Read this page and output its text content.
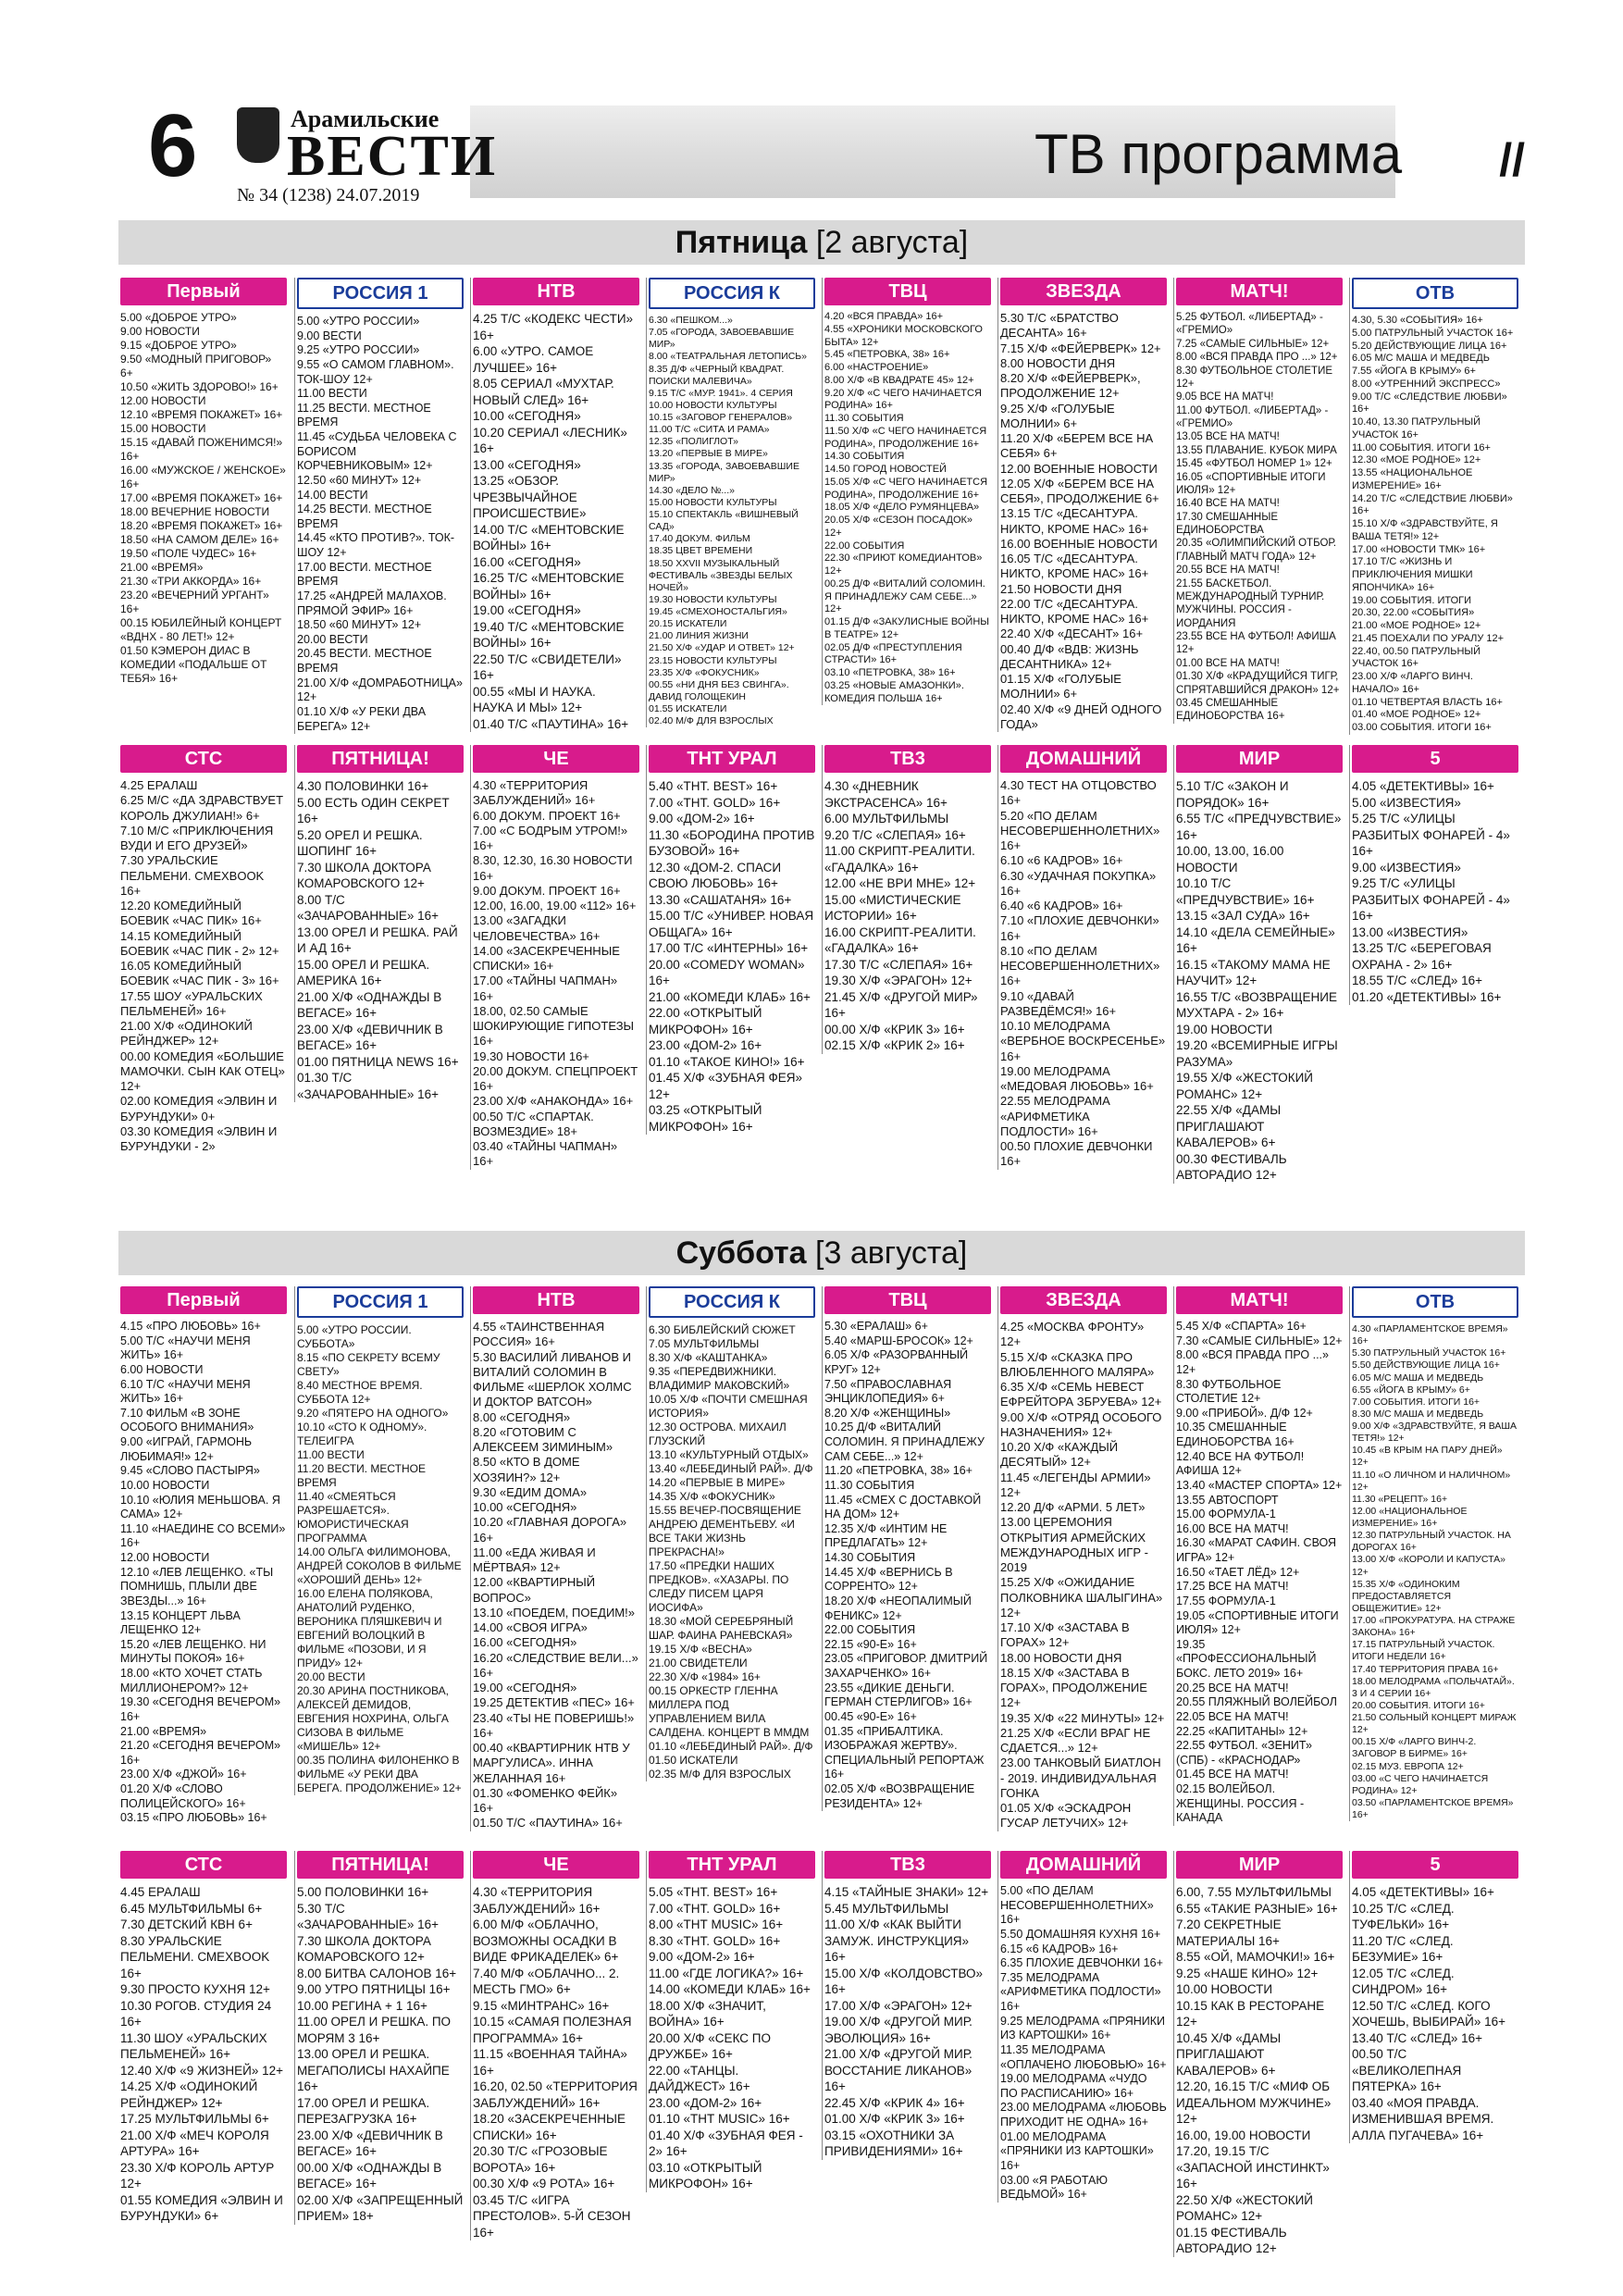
6	Арамильские
ВЕСТИ
№ 34 (1238) 24.07.2019
ТВ программа //
Пятница [2 августа]
Первый
5.00 «ДОБРОЕ УТРО»
9.00 НОВОСТИ
9.15 «ДОБРОЕ УТРО»
9.50 «МОДНЫЙ ПРИГОВОР» 6+
10.50 «ЖИТЬ ЗДОРОВО!» 16+
12.00 НОВОСТИ
12.10 «ВРЕМЯ ПОКАЖЕТ» 16+
15.00 НОВОСТИ
15.15 «ДАВАЙ ПОЖЕНИМСЯ!» 16+
16.00 «МУЖСКОЕ / ЖЕНСКОЕ» 16+
17.00 «ВРЕМЯ ПОКАЖЕТ» 16+
18.00 ВЕЧЕРНИЕ НОВОСТИ
18.20 «ВРЕМЯ ПОКАЖЕТ» 16+
18.50 «НА САМОМ ДЕЛЕ» 16+
19.50 «ПОЛЕ ЧУДЕС» 16+
21.00 «ВРЕМЯ»
21.30 «ТРИ АККОРДА» 16+
23.20 «ВЕЧЕРНИЙ УРГАНТ» 16+
00.15 ЮБИЛЕЙНЫЙ КОНЦЕРТ «ВДНХ - 80 ЛЕТ!» 12+
01.50 КЭМЕРОН ДИАС В КОМЕДИИ «ПОДАЛЬШЕ ОТ ТЕБЯ» 16+
РОССИЯ 1
5.00 «УТРО РОССИИ»
9.00 ВЕСТИ
9.25 «УТРО РОССИИ»
9.55 «О САМОМ ГЛАВНОМ». ТОК-ШОУ 12+
11.00 ВЕСТИ
11.25 ВЕСТИ. МЕСТНОЕ ВРЕМЯ
11.45 «СУДЬБА ЧЕЛОВЕКА С БОРИСОМ КОРЧЕВНИКОВЫМ» 12+
12.50 «60 МИНУТ» 12+
14.00 ВЕСТИ
14.25 ВЕСТИ. МЕСТНОЕ ВРЕМЯ
14.45 «КТО ПРОТИВ?». ТОК-ШОУ 12+
17.00 ВЕСТИ. МЕСТНОЕ ВРЕМЯ
17.25 «АНДРЕЙ МАЛАХОВ. ПРЯМОЙ ЭФИР» 16+
18.50 «60 МИНУТ» 12+
20.00 ВЕСТИ
20.45 ВЕСТИ. МЕСТНОЕ ВРЕМЯ
21.00 Х/Ф «ДОМРАБОТНИЦА» 12+
01.10 Х/Ф «У РЕКИ ДВА БЕРЕГА» 12+
НТВ
4.25 Т/С «КОДЕКС ЧЕСТИ» 16+
6.00 «УТРО. САМОЕ ЛУЧШЕЕ» 16+
8.05 СЕРИАЛ «МУХТАР. НОВЫЙ СЛЕД» 16+
10.00 «СЕГОДНЯ»
10.20 СЕРИАЛ «ЛЕСНИК» 16+
13.00 «СЕГОДНЯ»
13.25 «ОБЗОР. ЧРЕЗВЫЧАЙНОЕ ПРОИСШЕСТВИЕ»
14.00 Т/С «МЕНТОВСКИЕ ВОЙНЫ» 16+
16.00 «СЕГОДНЯ»
16.25 Т/С «МЕНТОВСКИЕ ВОЙНЫ» 16+
19.00 «СЕГОДНЯ»
19.40 Т/С «МЕНТОВСКИЕ ВОЙНЫ» 16+
22.50 Т/С «СВИДЕТЕЛИ» 16+
00.55 «МЫ И НАУКА. НАУКА И МЫ» 12+
01.40 Т/С «ПАУТИНА» 16+
РОССИЯ К
6.30 «ПЕШКОМ...»
7.05 «ГОРОДА, ЗАВОЕВАВШИЕ МИР»
8.00 «ТЕАТРАЛЬНАЯ ЛЕТОПИСЬ»
8.35 Д/Ф «ЧЕРНЫЙ КВАДРАТ. ПОИСКИ МАЛЕВИЧА»
9.15 Т/С «МУР. 1941». 4 СЕРИЯ
10.00 НОВОСТИ КУЛЬТУРЫ
10.15 «ЗАГОВОР ГЕНЕРАЛОВ»
11.00 Т/С «СИТА И РАМА»
12.35 «ПОЛИГЛОТ»
13.20 «ПЕРВЫЕ В МИРЕ»
13.35 «ГОРОДА, ЗАВОЕВАВШИЕ МИР»
14.30 «ДЕЛО №...»
15.00 НОВОСТИ КУЛЬТУРЫ
15.10 СПЕКТАКЛЬ «ВИШНЕВЫЙ САД»
17.40 ДОКУМ. ФИЛЬМ
18.35 ЦВЕТ ВРЕМЕНИ
18.50 XXVII МУЗЫКАЛЬНЫЙ ФЕСТИВАЛЬ «ЗВЕЗДЫ БЕЛЫХ НОЧЕЙ»
19.30 НОВОСТИ КУЛЬТУРЫ
19.45 «СМЕХОНОСТАЛЬГИЯ»
20.15 ИСКАТЕЛИ
21.00 ЛИНИЯ ЖИЗНИ
21.50 Х/Ф «УДАР И ОТВЕТ» 12+
23.15 НОВОСТИ КУЛЬТУРЫ
23.35 Х/Ф «ФОКУСНИК»
00.55 «НИ ДНЯ БЕЗ СВИНГА». ДАВИД ГОЛОЩЕКИН
01.55 ИСКАТЕЛИ
02.40 М/Ф ДЛЯ ВЗРОСЛЫХ
ТВЦ
4.20 «ВСЯ ПРАВДА» 16+
4.55 «ХРОНИКИ МОСКОВСКОГО БЫТА» 12+
5.45 «ПЕТРОВКА, 38» 16+
6.00 «НАСТРОЕНИЕ»
8.00 Х/Ф «В КВАДРАТЕ 45» 12+
9.20 Х/Ф «С ЧЕГО НАЧИНАЕТСЯ РОДИНА» 16+
11.30 СОБЫТИЯ
11.50 Х/Ф «С ЧЕГО НАЧИНАЕТСЯ РОДИНА», ПРОДОЛЖЕНИЕ 16+
14.30 СОБЫТИЯ
14.50 ГОРОД НОВОСТЕЙ
15.05 Х/Ф «С ЧЕГО НАЧИНАЕТСЯ РОДИНА», ПРОДОЛЖЕНИЕ 16+
18.05 Х/Ф «ДЕЛО РУМЯНЦЕВА»
20.05 Х/Ф «СЕЗОН ПОСАДОК» 12+
22.00 СОБЫТИЯ
22.30 «ПРИЮТ КОМЕДИАНТОВ» 12+
00.25 Д/Ф «ВИТАЛИЙ СОЛОМИН. Я ПРИНАДЛЕЖУ САМ СЕБЕ...» 12+
01.15 Д/Ф «ЗАКУЛИСНЫЕ ВОЙНЫ В ТЕАТРЕ» 12+
02.05 Д/Ф «ПРЕСТУПЛЕНИЯ СТРАСТИ» 16+
03.10 «ПЕТРОВКА, 38» 16+
03.25 «НОВЫЕ АМАЗОНКИ». КОМЕДИЯ ПОЛЬША 16+
ЗВЕЗДА
5.30 Т/С «БРАТСТВО ДЕСАНТА» 16+
7.15 Х/Ф «ФЕЙЕРВЕРК» 12+
8.00 НОВОСТИ ДНЯ
8.20 Х/Ф «ФЕЙЕРВЕРК», ПРОДОЛЖЕНИЕ 12+
9.25 Х/Ф «ГОЛУБЫЕ МОЛНИИ» 6+
11.20 Х/Ф «БЕРЕМ ВСЕ НА СЕБЯ» 6+
12.00 ВОЕННЫЕ НОВОСТИ
12.05 Х/Ф «БЕРЕМ ВСЕ НА СЕБЯ», ПРОДОЛЖЕНИЕ 6+
13.15 Т/С «ДЕСАНТУРА. НИКТО, КРОМЕ НАС» 16+
16.00 ВОЕННЫЕ НОВОСТИ
16.05 Т/С «ДЕСАНТУРА. НИКТО, КРОМЕ НАС» 16+
21.50 НОВОСТИ ДНЯ
22.00 Т/С «ДЕСАНТУРА. НИКТО, КРОМЕ НАС» 16+
22.40 Х/Ф «ДЕСАНТ» 16+
00.40 Д/Ф «ВДВ: ЖИЗНЬ ДЕСАНТНИКА» 12+
01.15 Х/Ф «ГОЛУБЫЕ МОЛНИИ» 6+
02.40 Х/Ф «9 ДНЕЙ ОДНОГО ГОДА»
МАТЧ!
5.25 ФУТБОЛ. «ЛИБЕРТАД» - «ГРЕМИО»
7.25 «САМЫЕ СИЛЬНЫЕ» 12+
8.00 «ВСЯ ПРАВДА ПРО ...» 12+
8.30 ФУТБОЛЬНОЕ СТОЛЕТИЕ 12+
9.05 ВСЕ НА МАТЧ!
11.00 ФУТБОЛ. «ЛИБЕРТАД» - «ГРЕМИО»
13.05 ВСЕ НА МАТЧ!
13.55 ПЛАВАНИЕ. КУБОК МИРА
15.45 «ФУТБОЛ НОМЕР 1» 12+
16.05 «СПОРТИВНЫЕ ИТОГИ ИЮЛЯ» 12+
16.40 ВСЕ НА МАТЧ!
17.30 СМЕШАННЫЕ ЕДИНОБОРСТВА
20.35 «ОЛИМПИЙСКИЙ ОТБОР. ГЛАВНЫЙ МАТЧ ГОДА» 12+
20.55 ВСЕ НА МАТЧ!
21.55 БАСКЕТБОЛ. МЕЖДУНАРОДНЫЙ ТУРНИР. МУЖЧИНЫ. РОССИЯ - ИОРДАНИЯ
23.55 ВСЕ НА ФУТБОЛ! АФИША 12+
01.00 ВСЕ НА МАТЧ!
01.30 Х/Ф «КРАДУЩИЙСЯ ТИГР, СПРЯТАВШИЙСЯ ДРАКОН» 12+
03.45 СМЕШАННЫЕ ЕДИНОБОРСТВА 16+
ОТВ
4.30, 5.30 «СОБЫТИЯ» 16+
5.00 ПАТРУЛЬНЫЙ УЧАСТОК 16+
5.20 ДЕЙСТВУЮЩИЕ ЛИЦА 16+
6.05 М/С МАША И МЕДВЕДЬ
7.55 «ЙОГА В КРЫМУ» 6+
8.00 «УТРЕННИЙ ЭКСПРЕСС»
9.00 Т/С «СЛЕДСТВИЕ ЛЮБВИ» 16+
10.40, 13.30 ПАТРУЛЬНЫЙ УЧАСТОК 16+
11.00 СОБЫТИЯ. ИТОГИ 16+
12.30 «МОЕ РОДНОЕ» 12+
13.55 «НАЦИОНАЛЬНОЕ ИЗМЕРЕНИЕ» 16+
14.20 Т/С «СЛЕДСТВИЕ ЛЮБВИ» 16+
15.10 Х/Ф «ЗДРАВСТВУЙТЕ, Я ВАША ТЕТЯ!» 12+
17.00 «НОВОСТИ ТМК» 16+
17.10 Т/С «ЖИЗНЬ И ПРИКЛЮЧЕНИЯ МИШКИ ЯПОНЧИКА» 16+
19.00 СОБЫТИЯ. ИТОГИ
20.30, 22.00 «СОБЫТИЯ»
21.00 «МОЕ РОДНОЕ» 12+
21.45 ПОЕХАЛИ ПО УРАЛУ 12+
22.40, 00.50 ПАТРУЛЬНЫЙ УЧАСТОК 16+
23.00 Х/Ф «ЛАРГО ВИНЧ. НАЧАЛО» 16+
01.10 ЧЕТВЕРТАЯ ВЛАСТЬ 16+
01.40 «МОЕ РОДНОЕ» 12+
03.00 СОБЫТИЯ. ИТОГИ 16+
СТС
4.25 ЕРАЛАШ
6.25 М/С «ДА ЗДРАВСТВУЕТ КОРОЛЬ ДЖУЛИАН!» 6+
7.10 М/С «ПРИКЛЮЧЕНИЯ ВУДИ И ЕГО ДРУЗЕЙ»
7.30 УРАЛЬСКИЕ ПЕЛЬМЕНИ. СМЕХBOOK 16+
12.20 КОМЕДИЙНЫЙ БОЕВИК «ЧАС ПИК» 16+
14.15 КОМЕДИЙНЫЙ БОЕВИК «ЧАС ПИК - 2» 12+
16.05 КОМЕДИЙНЫЙ БОЕВИК «ЧАС ПИК - 3» 16+
17.55 ШОУ «УРАЛЬСКИХ ПЕЛЬМЕНЕЙ» 16+
21.00 Х/Ф «ОДИНОКИЙ РЕЙНДЖЕР» 12+
00.00 КОМЕДИЯ «БОЛЬШИЕ МАМОЧКИ. СЫН КАК ОТЕЦ» 12+
02.00 КОМЕДИЯ «ЭЛВИН И БУРУНДУКИ» 0+
03.30 КОМЕДИЯ «ЭЛВИН И БУРУНДУКИ - 2»
ПЯТНИЦА!
4.30 ПОЛОВИНКИ 16+
5.00 ЕСТЬ ОДИН СЕКРЕТ 16+
5.20 ОРЕЛ И РЕШКА. ШОПИНГ 16+
7.30 ШКОЛА ДОКТОРА КОМАРОВСКОГО 12+
8.00 Т/С «ЗАЧАРОВАННЫЕ» 16+
13.00 ОРЕЛ И РЕШКА. РАЙ И АД 16+
15.00 ОРЕЛ И РЕШКА. АМЕРИКА 16+
21.00 Х/Ф «ОДНАЖДЫ В ВЕГАСЕ» 16+
23.00 Х/Ф «ДЕВИЧНИК В ВЕГАСЕ» 16+
01.00 ПЯТНИЦА NEWS 16+
01.30 Т/С «ЗАЧАРОВАННЫЕ» 16+
ЧЕ
4.30 «ТЕРРИТОРИЯ ЗАБЛУЖДЕНИЙ» 16+
6.00 ДОКУМ. ПРОЕКТ 16+
7.00 «С БОДРЫМ УТРОМ!» 16+
8.30, 12.30, 16.30 НОВОСТИ 16+
9.00 ДОКУМ. ПРОЕКТ 16+
12.00, 16.00, 19.00 «112» 16+
13.00 «ЗАГАДКИ ЧЕЛОВЕЧЕСТВА» 16+
14.00 «ЗАСЕКРЕЧЕННЫЕ СПИСКИ» 16+
17.00 «ТАЙНЫ ЧАПМАН» 16+
18.00, 02.50 САМЫЕ ШОКИРУЮЩИЕ ГИПОТЕЗЫ 16+
19.30 НОВОСТИ 16+
20.00 ДОКУМ. СПЕЦПРОЕКТ 16+
23.00 Х/Ф «АНАКОНДА» 16+
00.50 Т/С «СПАРТАК. ВОЗМЕЗДИЕ» 18+
03.40 «ТАЙНЫ ЧАПМАН» 16+
ТНТ УРАЛ
5.40 «ТНТ. BEST» 16+
7.00 «ТНТ. GOLD» 16+
9.00 «ДОМ-2» 16+
11.30 «БОРОДИНА ПРОТИВ БУЗОВОЙ» 16+
12.30 «ДОМ-2. СПАСИ СВОЮ ЛЮБОВЬ» 16+
13.30 «САШАТАНЯ» 16+
15.00 Т/С «УНИВЕР. НОВАЯ ОБЩАГА» 16+
17.00 Т/С «ИНТЕРНЫ» 16+
20.00 «COMEDY WOMAN» 16+
21.00 «КОМЕДИ КЛАБ» 16+
22.00 «ОТКРЫТЫЙ МИКРОФОН» 16+
23.00 «ДОМ-2» 16+
01.10 «ТАКОЕ КИНО!» 16+
01.45 Х/Ф «ЗУБНАЯ ФЕЯ» 12+
03.25 «ОТКРЫТЫЙ МИКРОФОН» 16+
ТВ3
4.30 «ДНЕВНИК ЭКСТРАСЕНСА» 16+
6.00 МУЛЬТФИЛЬМЫ
9.20 Т/С «СЛЕПАЯ» 16+
11.00 СКРИПТ-РЕАЛИТИ. «ГАДАЛКА» 16+
12.00 «НЕ ВРИ МНЕ» 12+
15.00 «МИСТИЧЕСКИЕ ИСТОРИИ» 16+
16.00 СКРИПТ-РЕАЛИТИ. «ГАДАЛКА» 16+
17.30 Т/С «СЛЕПАЯ» 16+
19.30 Х/Ф «ЭРАГОН» 12+
21.45 Х/Ф «ДРУГОЙ МИР» 16+
00.00 Х/Ф «КРИК 3» 16+
02.15 Х/Ф «КРИК 2» 16+
ДОМАШНИЙ
4.30 ТЕСТ НА ОТЦОВСТВО 16+
5.20 «ПО ДЕЛАМ НЕСОВЕРШЕННОЛЕТНИХ» 16+
6.10 «6 КАДРОВ» 16+
6.30 «УДАЧНАЯ ПОКУПКА» 16+
6.40 «6 КАДРОВ» 16+
7.10 «ПЛОХИЕ ДЕВЧОНКИ» 16+
8.10 «ПО ДЕЛАМ НЕСОВЕРШЕННОЛЕТНИХ» 16+
9.10 «ДАВАЙ РАЗВЕДЁМСЯ!» 16+
10.10 МЕЛОДРАМА «ВЕРБНОЕ ВОСКРЕСЕНЬЕ» 16+
19.00 МЕЛОДРАМА «МЕДОВАЯ ЛЮБОВЬ» 16+
22.55 МЕЛОДРАМА «АРИФМЕТИКА ПОДЛОСТИ» 16+
00.50 ПЛОХИЕ ДЕВЧОНКИ 16+
МИР
5.10 Т/С «ЗАКОН И ПОРЯДОК» 16+
6.55 Т/С «ПРЕДЧУВСТВИЕ» 16+
10.00, 13.00, 16.00 НОВОСТИ
10.10 Т/С «ПРЕДЧУВСТВИЕ» 16+
13.15 «ЗАЛ СУДА» 16+
14.10 «ДЕЛА СЕМЕЙНЫЕ» 16+
16.15 «ТАКОМУ МАМА НЕ НАУЧИТ» 12+
16.55 Т/С «ВОЗВРАЩЕНИЕ МУХТАРА - 2» 16+
19.00 НОВОСТИ
19.20 «ВСЕМИРНЫЕ ИГРЫ РАЗУМА»
19.55 Х/Ф «ЖЕСТОКИЙ РОМАНС» 12+
22.55 Х/Ф «ДАМЫ ПРИГЛАШАЮТ КАВАЛЕРОВ» 6+
00.30 ФЕСТИВАЛЬ АВТОРАДИО 12+
5
4.05 «ДЕТЕКТИВЫ» 16+
5.00 «ИЗВЕСТИЯ»
5.25 Т/С «УЛИЦЫ РАЗБИТЫХ ФОНАРЕЙ - 4» 16+
9.00 «ИЗВЕСТИЯ»
9.25 Т/С «УЛИЦЫ РАЗБИТЫХ ФОНАРЕЙ - 4» 16+
13.00 «ИЗВЕСТИЯ»
13.25 Т/С «БЕРЕГОВАЯ ОХРАНА - 2» 16+
18.55 Т/С «СЛЕД» 16+
01.20 «ДЕТЕКТИВЫ» 16+
Суббота [3 августа]
Первый
4.15 «ПРО ЛЮБОВЬ» 16+
5.00 Т/С «НАУЧИ МЕНЯ ЖИТЬ» 16+
6.00 НОВОСТИ
6.10 Т/С «НАУЧИ МЕНЯ ЖИТЬ» 16+
7.10 ФИЛЬМ «В ЗОНЕ ОСОБОГО ВНИМАНИЯ»
9.00 «ИГРАЙ, ГАРМОНЬ ЛЮБИМАЯ!» 12+
9.45 «СЛОВО ПАСТЫРЯ»
10.00 НОВОСТИ
10.10 «ЮЛИЯ МЕНЬШОВА. Я САМА» 12+
11.10 «НАЕДИНЕ СО ВСЕМИ» 16+
12.00 НОВОСТИ
12.10 «ЛЕВ ЛЕЩЕНКО. «ТЫ ПОМНИШЬ, ПЛЫЛИ ДВЕ ЗВЕЗДЫ...» 16+
13.15 КОНЦЕРТ ЛЬВА ЛЕЩЕНКО 12+
15.20 «ЛЕВ ЛЕЩЕНКО. НИ МИНУТЫ ПОКОЯ» 16+
18.00 «КТО ХОЧЕТ СТАТЬ МИЛЛИОНЕРОМ?» 12+
19.30 «СЕГОДНЯ ВЕЧЕРОМ» 16+
21.00 «ВРЕМЯ»
21.20 «СЕГОДНЯ ВЕЧЕРОМ» 16+
23.00 Х/Ф «ДЖОЙ» 16+
01.20 Х/Ф «СЛОВО ПОЛИЦЕЙСКОГО» 16+
03.15 «ПРО ЛЮБОВЬ» 16+
РОССИЯ 1
5.00 «УТРО РОССИИ. СУББОТА»
8.15 «ПО СЕКРЕТУ ВСЕМУ СВЕТУ»
8.40 МЕСТНОЕ ВРЕМЯ. СУББОТА 12+
9.20 «ПЯТЕРО НА ОДНОГО»
10.10 «СТО К ОДНОМУ». ТЕЛЕИГРА
11.00 ВЕСТИ
11.20 ВЕСТИ. МЕСТНОЕ ВРЕМЯ
11.40 «СМЕЯТЬСЯ РАЗРЕШАЕТСЯ». ЮМОРИСТИЧЕСКАЯ ПРОГРАММА
14.00 ОЛЬГА ФИЛИМОНОВА, АНДРЕЙ СОКОЛОВ В ФИЛЬМЕ «ХОРОШИЙ ДЕНЬ» 12+
16.00 ЕЛЕНА ПОЛЯКОВА, АНАТОЛИЙ РУДЕНКО, ВЕРОНИКА ПЛЯШКЕВИЧ И ЕВГЕНИЙ ВОЛОЦКИЙ В ФИЛЬМЕ «ПОЗОВИ, И Я ПРИДУ» 12+
20.00 ВЕСТИ
20.30 АРИНА ПОСТНИКОВА, АЛЕКСЕЙ ДЕМИДОВ, ЕВГЕНИЯ НОХРИНА, ОЛЬГА СИЗОВА В ФИЛЬМЕ «МИШЕЛЬ» 12+
00.35 ПОЛИНА ФИЛОНЕНКО В ФИЛЬМЕ «У РЕКИ ДВА БЕРЕГА. ПРОДОЛЖЕНИЕ» 12+
НТВ
4.55 «ТАИНСТВЕННАЯ РОССИЯ» 16+
5.30 ВАСИЛИЙ ЛИВАНОВ И ВИТАЛИЙ СОЛОМИН В ФИЛЬМЕ «ШЕРЛОК ХОЛМС И ДОКТОР ВАТСОН»
8.00 «СЕГОДНЯ»
8.20 «ГОТОВИМ С АЛЕКСЕЕМ ЗИМИНЫМ»
8.50 «КТО В ДОМЕ ХОЗЯИН?» 12+
9.30 «ЕДИМ ДОМА»
10.00 «СЕГОДНЯ»
10.20 «ГЛАВНАЯ ДОРОГА» 16+
11.00 «ЕДА ЖИВАЯ И МЁРТВАЯ» 12+
12.00 «КВАРТИРНЫЙ ВОПРОС»
13.10 «ПОЕДЕМ, ПОЕДИМ!»
14.00 «СВОЯ ИГРА»
16.00 «СЕГОДНЯ»
16.20 «СЛЕДСТВИЕ ВЕЛИ...» 16+
19.00 «СЕГОДНЯ»
19.25 ДЕТЕКТИВ «ПЕС» 16+
23.40 «ТЫ НЕ ПОВЕРИШЬ!» 16+
00.40 «КВАРТИРНИК НТВ У МАРГУЛИСА». ИННА ЖЕЛАННАЯ 16+
01.30 «ФОМЕНКО ФЕЙК» 16+
01.50 Т/С «ПАУТИНА» 16+
РОССИЯ К
6.30 БИБЛЕЙСКИЙ СЮЖЕТ
7.05 МУЛЬТФИЛЬМЫ
8.30 Х/Ф «КАШТАНКА»
9.35 «ПЕРЕДВИЖНИКИ. ВЛАДИМИР МАКОВСКИЙ»
10.05 Х/Ф «ПОЧТИ СМЕШНАЯ ИСТОРИЯ»
12.30 ОСТРОВА. МИХАИЛ ГЛУЗСКИЙ
13.10 «КУЛЬТУРНЫЙ ОТДЫХ»
13.40 «ЛЕБЕДИНЫЙ РАЙ». Д/Ф
14.20 «ПЕРВЫЕ В МИРЕ»
14.35 Х/Ф «ФОКУСНИК»
15.55 ВЕЧЕР-ПОСВЯЩЕНИЕ АНДРЕЮ ДЕМЕНТЬЕВУ. «И ВСЕ ТАКИ ЖИЗНЬ ПРЕКРАСНА!»
17.50 «ПРЕДКИ НАШИХ ПРЕДКОВ». «ХАЗАРЫ. ПО СЛЕДУ ПИСЕМ ЦАРЯ ИОСИФА»
18.30 «МОЙ СЕРЕБРЯНЫЙ ШАР. ФАИНА РАНЕВСКАЯ»
19.15 Х/Ф «ВЕСНА»
21.00 СВИДЕТЕЛИ
22.30 Х/Ф «1984» 16+
00.15 ОРКЕСТР ГЛЕННА МИЛЛЕРА ПОД УПРАВЛЕНИЕМ ВИЛА САЛДЕНА. КОНЦЕРТ В ММДМ
01.10 «ЛЕБЕДИНЫЙ РАЙ». Д/Ф
01.50 ИСКАТЕЛИ
02.35 М/Ф ДЛЯ ВЗРОСЛЫХ
ТВЦ
5.30 «ЕРАЛАШ» 6+
5.40 «МАРШ-БРОСОК» 12+
6.05 Х/Ф «РАЗОРВАННЫЙ КРУГ» 12+
7.50 «ПРАВОСЛАВНАЯ ЭНЦИКЛОПЕДИЯ» 6+
8.20 Х/Ф «ЖЕНЩИНЫ»
10.25 Д/Ф «ВИТАЛИЙ СОЛОМИН. Я ПРИНАДЛЕЖУ САМ СЕБЕ...» 12+
11.20 «ПЕТРОВКА, 38» 16+
11.30 СОБЫТИЯ
11.45 «СМЕХ С ДОСТАВКОЙ НА ДОМ» 12+
12.35 Х/Ф «ИНТИМ НЕ ПРЕДЛАГАТЬ» 12+
14.30 СОБЫТИЯ
14.45 Х/Ф «ВЕРНИСЬ В СОРРЕНТО» 12+
18.20 Х/Ф «НЕОПАЛИМЫЙ ФЕНИКС» 12+
22.00 СОБЫТИЯ
22.15 «90-Е» 16+
23.05 «ПРИГОВОР. ДМИТРИЙ ЗАХАРЧЕНКО» 16+
23.55 «ДИКИЕ ДЕНЬГИ. ГЕРМАН СТЕРЛИГОВ» 16+
00.45 «90-Е» 16+
01.35 «ПРИБАЛТИКА. ИЗОБРАЖАЯ ЖЕРТВУ». СПЕЦИАЛЬНЫЙ РЕПОРТАЖ 16+
02.05 Х/Ф «ВОЗВРАЩЕНИЕ РЕЗИДЕНТА» 12+
ЗВЕЗДА
4.25 «МОСКВА ФРОНТУ» 12+
5.15 Х/Ф «СКАЗКА ПРО ВЛЮБЛЕННОГО МАЛЯРА»
6.35 Х/Ф «СЕМЬ НЕВЕСТ ЕФРЕЙТОРА ЗБРУЕВА» 12+
9.00 Х/Ф «ОТРЯД ОСОБОГО НАЗНАЧЕНИЯ» 12+
10.20 Х/Ф «КАЖДЫЙ ДЕСЯТЫЙ» 12+
11.45 «ЛЕГЕНДЫ АРМИИ» 12+
12.20 Д/Ф «АРМИ. 5 ЛЕТ»
13.00 ЦЕРЕМОНИЯ ОТКРЫТИЯ АРМЕЙСКИХ МЕЖДУНАРОДНЫХ ИГР - 2019
15.25 Х/Ф «ОЖИДАНИЕ ПОЛКОВНИКА ШАЛЫГИНА» 12+
17.10 Х/Ф «ЗАСТАВА В ГОРАХ» 12+
18.00 НОВОСТИ ДНЯ
18.15 Х/Ф «ЗАСТАВА В ГОРАХ», ПРОДОЛЖЕНИЕ 12+
19.35 Х/Ф «22 МИНУТЫ» 12+
21.25 Х/Ф «ЕСЛИ ВРАГ НЕ СДАЕТСЯ...» 12+
23.00 ТАНКОВЫЙ БИАТЛОН - 2019. ИНДИВИДУАЛЬНАЯ ГОНКА
01.05 Х/Ф «ЭСКАДРОН ГУСАР ЛЕТУЧИХ» 12+
МАТЧ!
5.45 Х/Ф «СПАРТА» 16+
7.30 «САМЫЕ СИЛЬНЫЕ» 12+
8.00 «ВСЯ ПРАВДА ПРО ...» 12+
8.30 ФУТБОЛЬНОЕ СТОЛЕТИЕ 12+
9.00 «ПРИБОЙ». Д/Ф 12+
10.35 СМЕШАННЫЕ ЕДИНОБОРСТВА 16+
12.40 ВСЕ НА ФУТБОЛ! АФИША 12+
13.40 «МАСТЕР СПОРТА» 12+
13.55 АВТОСПОРТ
15.00 ФОРМУЛА-1
16.00 ВСЕ НА МАТЧ!
16.30 «МАРАТ САФИН. СВОЯ ИГРА» 12+
16.50 «ТАЕТ ЛЁД» 12+
17.25 ВСЕ НА МАТЧ!
17.55 ФОРМУЛА-1
19.05 «СПОРТИВНЫЕ ИТОГИ ИЮЛЯ» 12+
19.35 «ПРОФЕССИОНАЛЬНЫЙ БОКС. ЛЕТО 2019» 16+
20.25 ВСЕ НА МАТЧ!
20.55 ПЛЯЖНЫЙ ВОЛЕЙБОЛ
22.05 ВСЕ НА МАТЧ!
22.25 «КАПИТАНЫ» 12+
22.55 ФУТБОЛ. «ЗЕНИТ» (СПБ) - «КРАСНОДАР»
01.45 ВСЕ НА МАТЧ!
02.15 ВОЛЕЙБОЛ. ЖЕНЩИНЫ. РОССИЯ - КАНАДА
ОТВ
4.30 «ПАРЛАМЕНТСКОЕ ВРЕМЯ» 16+
5.30 ПАТРУЛЬНЫЙ УЧАСТОК 16+
5.50 ДЕЙСТВУЮЩИЕ ЛИЦА 16+
6.05 М/С МАША И МЕДВЕДЬ
6.55 «ЙОГА В КРЫМУ» 6+
7.00 СОБЫТИЯ. ИТОГИ 16+
8.30 М/С МАША И МЕДВЕДЬ
9.00 Х/Ф «ЗДРАВСТВУЙТЕ, Я ВАША ТЕТЯ!» 12+
10.45 «В КРЫМ НА ПАРУ ДНЕЙ» 12+
11.10 «О ЛИЧНОМ И НАЛИЧНОМ» 12+
11.30 «РЕЦЕПТ» 16+
12.00 «НАЦИОНАЛЬНОЕ ИЗМЕРЕНИЕ» 16+
12.30 ПАТРУЛЬНЫЙ УЧАСТОК. НА ДОРОГАХ 16+
13.00 Х/Ф «КОРОЛИ И КАПУСТА» 12+
15.35 Х/Ф «ОДИНОКИМ ПРЕДОСТАВЛЯЕТСЯ ОБЩЕЖИТИЕ» 12+
17.00 «ПРОКУРАТУРА. НА СТРАЖЕ ЗАКОНА» 16+
17.15 ПАТРУЛЬНЫЙ УЧАСТОК. ИТОГИ НЕДЕЛИ 16+
17.40 ТЕРРИТОРИЯ ПРАВА 16+
18.00 МЕЛОДРАМА «ПОЛЬЧАТАЙ». 3 И 4 СЕРИИ 16+
20.00 СОБЫТИЯ. ИТОГИ 16+
21.50 СОЛЬНЫЙ КОНЦЕРТ МИРАЖ 12+
00.15 Х/Ф «ЛАРГО ВИНЧ-2. ЗАГОВОР В БИРМЕ» 16+
02.15 МУЗ. ЕВРОПА 12+
03.00 «С ЧЕГО НАЧИНАЕТСЯ РОДИНА» 12+
03.50 «ПАРЛАМЕНТСКОЕ ВРЕМЯ» 16+
СТС
4.45 ЕРАЛАШ
6.45 МУЛЬТФИЛЬМЫ 6+
7.30 ДЕТСКИЙ КВН 6+
8.30 УРАЛЬСКИЕ ПЕЛЬМЕНИ. СМЕХBOOK 16+
9.30 ПРОСТО КУХНЯ 12+
10.30 РОГОВ. СТУДИЯ 24 16+
11.30 ШОУ «УРАЛЬСКИХ ПЕЛЬМЕНЕЙ» 16+
12.40 Х/Ф «9 ЖИЗНЕЙ» 12+
14.25 Х/Ф «ОДИНОКИЙ РЕЙНДЖЕР» 12+
17.25 МУЛЬТФИЛЬМЫ 6+
21.00 Х/Ф «МЕЧ КОРОЛЯ АРТУРА» 16+
23.30 Х/Ф КОРОЛЬ АРТУР 12+
01.55 КОМЕДИЯ «ЭЛВИН И БУРУНДУКИ» 6+
ПЯТНИЦА!
5.00 ПОЛОВИНКИ 16+
5.30 Т/С «ЗАЧАРОВАННЫЕ» 16+
7.30 ШКОЛА ДОКТОРА КОМАРОВСКОГО 12+
8.00 БИТВА САЛОНОВ 16+
9.00 УТРО ПЯТНИЦЫ 16+
10.00 РЕГИНА + 1 16+
11.00 ОРЕЛ И РЕШКА. ПО МОРЯМ 3 16+
13.00 ОРЕЛ И РЕШКА. МЕГАПОЛИСЫ НАХАЙПЕ 16+
17.00 ОРЕЛ И РЕШКА. ПЕРЕЗАГРУЗКА 16+
23.00 Х/Ф «ДЕВИЧНИК В ВЕГАСЕ» 16+
00.00 Х/Ф «ОДНАЖДЫ В ВЕГАСЕ» 16+
02.00 Х/Ф «ЗАПРЕЩЕННЫЙ ПРИЕМ» 18+
ЧЕ
4.30 «ТЕРРИТОРИЯ ЗАБЛУЖДЕНИЙ» 16+
6.00 М/Ф «ОБЛАЧНО, ВОЗМОЖНЫ ОСАДКИ В ВИДЕ ФРИКАДЕЛЕК» 6+
7.40 М/Ф «ОБЛАЧНО... 2. МЕСТЬ ГМО» 6+
9.15 «МИНТРАНС» 16+
10.15 «САМАЯ ПОЛЕЗНАЯ ПРОГРАММА» 16+
11.15 «ВОЕННАЯ ТАЙНА» 16+
16.20, 02.50 «ТЕРРИТОРИЯ ЗАБЛУЖДЕНИЙ» 16+
18.20 «ЗАСЕКРЕЧЕННЫЕ СПИСКИ» 16+
20.30 Т/С «ГРОЗОВЫЕ ВОРОТА» 16+
00.30 Х/Ф «9 РОТА» 16+
03.45 Т/С «ИГРА ПРЕСТОЛОВ». 5-Й СЕЗОН 16+
ТНТ УРАЛ
5.05 «ТНТ. BEST» 16+
7.00 «ТНТ. GOLD» 16+
8.00 «ТНТ MUSIC» 16+
8.30 «ТНТ. GOLD» 16+
9.00 «ДОМ-2» 16+
11.00 «ГДЕ ЛОГИКА?» 16+
14.00 «КОМЕДИ КЛАБ» 16+
18.00 Х/Ф «ЗНАЧИТ, ВОЙНА» 16+
20.00 Х/Ф «СЕКС ПО ДРУЖБЕ» 16+
22.00 «ТАНЦЫ. ДАЙДЖЕСТ» 16+
23.00 «ДОМ-2» 16+
01.10 «ТНТ MUSIC» 16+
01.40 Х/Ф «ЗУБНАЯ ФЕЯ - 2» 16+
03.10 «ОТКРЫТЫЙ МИКРОФОН» 16+
ТВ3
4.15 «ТАЙНЫЕ ЗНАКИ» 12+
5.45 МУЛЬТФИЛЬМЫ
11.00 Х/Ф «КАК ВЫЙТИ ЗАМУЖ. ИНСТРУКЦИЯ» 16+
15.00 Х/Ф «КОЛДОВСТВО» 16+
17.00 Х/Ф «ЭРАГОН» 12+
19.00 Х/Ф «ДРУГОЙ МИР. ЭВОЛЮЦИЯ» 16+
21.00 Х/Ф «ДРУГОЙ МИР. ВОССТАНИЕ ЛИКАНОВ» 16+
22.45 Х/Ф «КРИК 4» 16+
01.00 Х/Ф «КРИК 3» 16+
03.15 «ОХОТНИКИ ЗА ПРИВИДЕНИЯМИ» 16+
ДОМАШНИЙ
5.00 «ПО ДЕЛАМ НЕСОВЕРШЕННОЛЕТНИХ» 16+
5.50 ДОМАШНЯЯ КУХНЯ 16+
6.15 «6 КАДРОВ» 16+
6.35 ПЛОХИЕ ДЕВЧОНКИ 16+
7.35 МЕЛОДРАМА «АРИФМЕТИКА ПОДЛОСТИ» 16+
9.25 МЕЛОДРАМА «ПРЯНИКИ ИЗ КАРТОШКИ» 16+
11.35 МЕЛОДРАМА «ОПЛАЧЕНО ЛЮБОВЬЮ» 16+
19.00 МЕЛОДРАМА «ЧУДО ПО РАСПИСАНИЮ» 16+
23.00 МЕЛОДРАМА «ЛЮБОВЬ ПРИХОДИТ НЕ ОДНА» 16+
01.00 МЕЛОДРАМА «ПРЯНИКИ ИЗ КАРТОШКИ» 16+
03.00 «Я РАБОТАЮ ВЕДЬМОЙ» 16+
МИР
6.00, 7.55 МУЛЬТФИЛЬМЫ
6.55 «ТАКИЕ РАЗНЫЕ» 16+
7.20 СЕКРЕТНЫЕ МАТЕРИАЛЫ 16+
8.55 «ОЙ, МАМОЧКИ!» 16+
9.25 «НАШЕ КИНО» 12+
10.00 НОВОСТИ
10.15 КАК В РЕСТОРАНЕ 12+
10.45 Х/Ф «ДАМЫ ПРИГЛАШАЮТ КАВАЛЕРОВ» 6+
12.20, 16.15 Т/С «МИФ ОБ ИДЕАЛЬНОМ МУЖЧИНЕ» 12+
16.00, 19.00 НОВОСТИ
17.20, 19.15 Т/С «ЗАПАСНОЙ ИНСТИНКТ» 16+
22.50 Х/Ф «ЖЕСТОКИЙ РОМАНС» 12+
01.15 ФЕСТИВАЛЬ АВТОРАДИО 12+
5
4.05 «ДЕТЕКТИВЫ» 16+
10.25 Т/С «СЛЕД. ТУФЕЛЬКИ» 16+
11.20 Т/С «СЛЕД. БЕЗУМИЕ» 16+
12.05 Т/С «СЛЕД. СИНДРОМ» 16+
12.50 Т/С «СЛЕД. КОГО ХОЧЕШЬ, ВЫБИРАЙ» 16+
13.40 Т/С «СЛЕД» 16+
00.50 Т/С «ВЕЛИКОЛЕПНАЯ ПЯТЕРКА» 16+
03.40 «МОЯ ПРАВДА. ИЗМЕНИВШАЯ ВРЕМЯ. АЛЛА ПУГАЧЕВА» 16+
